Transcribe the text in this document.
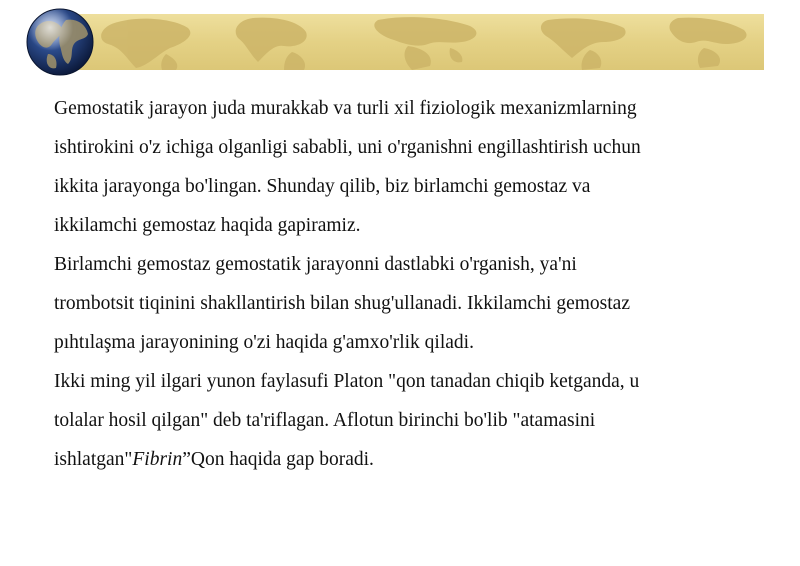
Gemostatik jarayon juda murakkab va turli xil fiziologik mexanizmlarning
ishtirokini o'z ichiga olganligi sababli, uni o'rganishni engillashtirish uchun
ikkita jarayonga bo'lingan. Shunday qilib, biz birlamchi gemostaz va
ikkilamchi gemostaz haqida gapiramiz.

Birlamchi gemostaz gemostatik jarayonni dastlabki o'rganish, ya'ni
trombotsit tiqinini shakllantirish bilan shug'ullanadi. Ikkilamchi gemostaz
pıhtılaşma jarayonining o'zi haqida g'amxo'rlik qiladi.

Ikki ming yil ilgari yunon faylasufi Platon "qon tanadan chiqib ketganda, u
tolalar hosil qilgan" deb ta'riflagan. Aflotun birinchi bo'lib "atamasini
ishlatgan"Fibrin”Qon haqida gap boradi.
